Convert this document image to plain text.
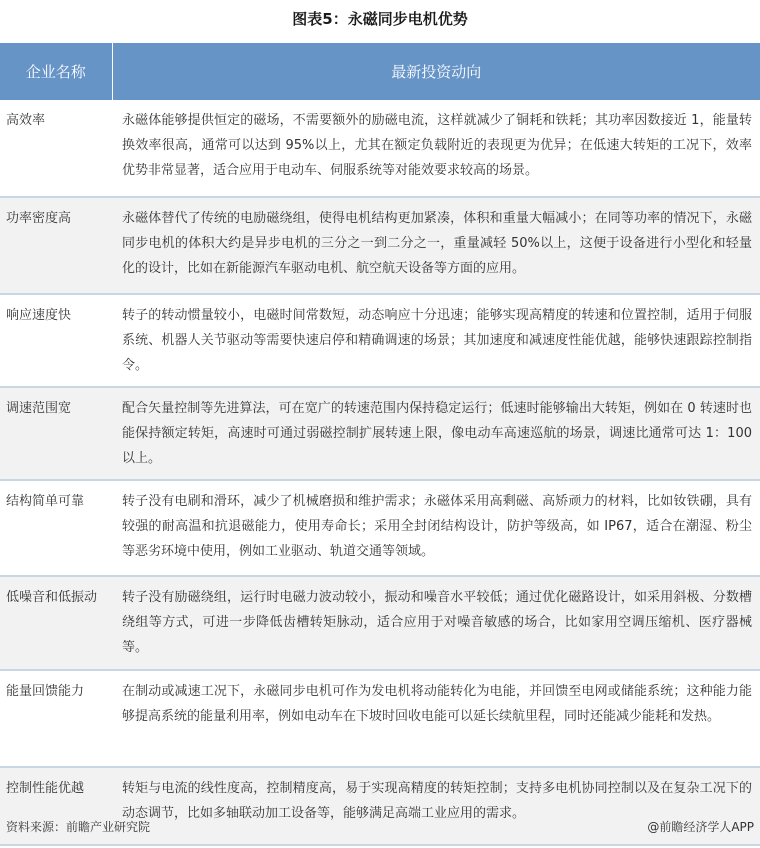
图表5：永磁同步电机优势
企业名称	最新投资动向
高效率	永磁体能够提供恒定的磁场，不需要额外的励磁电流，这样就减少了铜耗和铁耗；其功率因数接近 1，能量转换效率很高，通常可以达到 95%以上，尤其在额定负载附近的表现更为优异；在低速大转矩的工况下，效率优势非常显著，适合应用于电动车、伺服系统等对能效要求较高的场景。
功率密度高	永磁体替代了传统的电励磁绕组，使得电机结构更加紧凑，体积和重量大幅减小；在同等功率的情况下，永磁同步电机的体积大约是异步电机的三分之一到二分之一，重量减轻 50%以上，这便于设备进行小型化和轻量化的设计，比如在新能源汽车驱动电机、航空航天设备等方面的应用。
响应速度快	转子的转动惯量较小，电磁时间常数短，动态响应十分迅速；能够实现高精度的转速和位置控制，适用于伺服系统、机器人关节驱动等需要快速启停和精确调速的场景；其加速度和减速度性能优越，能够快速跟踪控制指令。
调速范围宽	配合矢量控制等先进算法，可在宽广的转速范围内保持稳定运行；低速时能够输出大转矩，例如在 0 转速时也能保持额定转矩，高速时可通过弱磁控制扩展转速上限，像电动车高速巡航的场景，调速比通常可达 1：100 以上。
结构简单可靠	转子没有电刷和滑环，减少了机械磨损和维护需求；永磁体采用高剩磁、高矫顽力的材料，比如钕铁硼，具有较强的耐高温和抗退磁能力，使用寿命长；采用全封闭结构设计，防护等级高，如 IP67，适合在潮湿、粉尘等恶劣环境中使用，例如工业驱动、轨道交通等领域。
低噪音和低振动	转子没有励磁绕组，运行时电磁力波动较小，振动和噪音水平较低；通过优化磁路设计，如采用斜极、分数槽绕组等方式，可进一步降低齿槽转矩脉动，适合应用于对噪音敏感的场合，比如家用空调压缩机、医疗器械等。
能量回馈能力	在制动或减速工况下，永磁同步电机可作为发电机将动能转化为电能，并回馈至电网或储能系统；这种能力能够提高系统的能量利用率，例如电动车在下坡时回收电能可以延长续航里程，同时还能减少能耗和发热。
控制性能优越	转矩与电流的线性度高，控制精度高，易于实现高精度的转矩控制；支持多电机协同控制以及在复杂工况下的动态调节，比如多轴联动加工设备等，能够满足高端工业应用的需求。
资料来源：前瞻产业研究院	@前瞻经济学人APP
